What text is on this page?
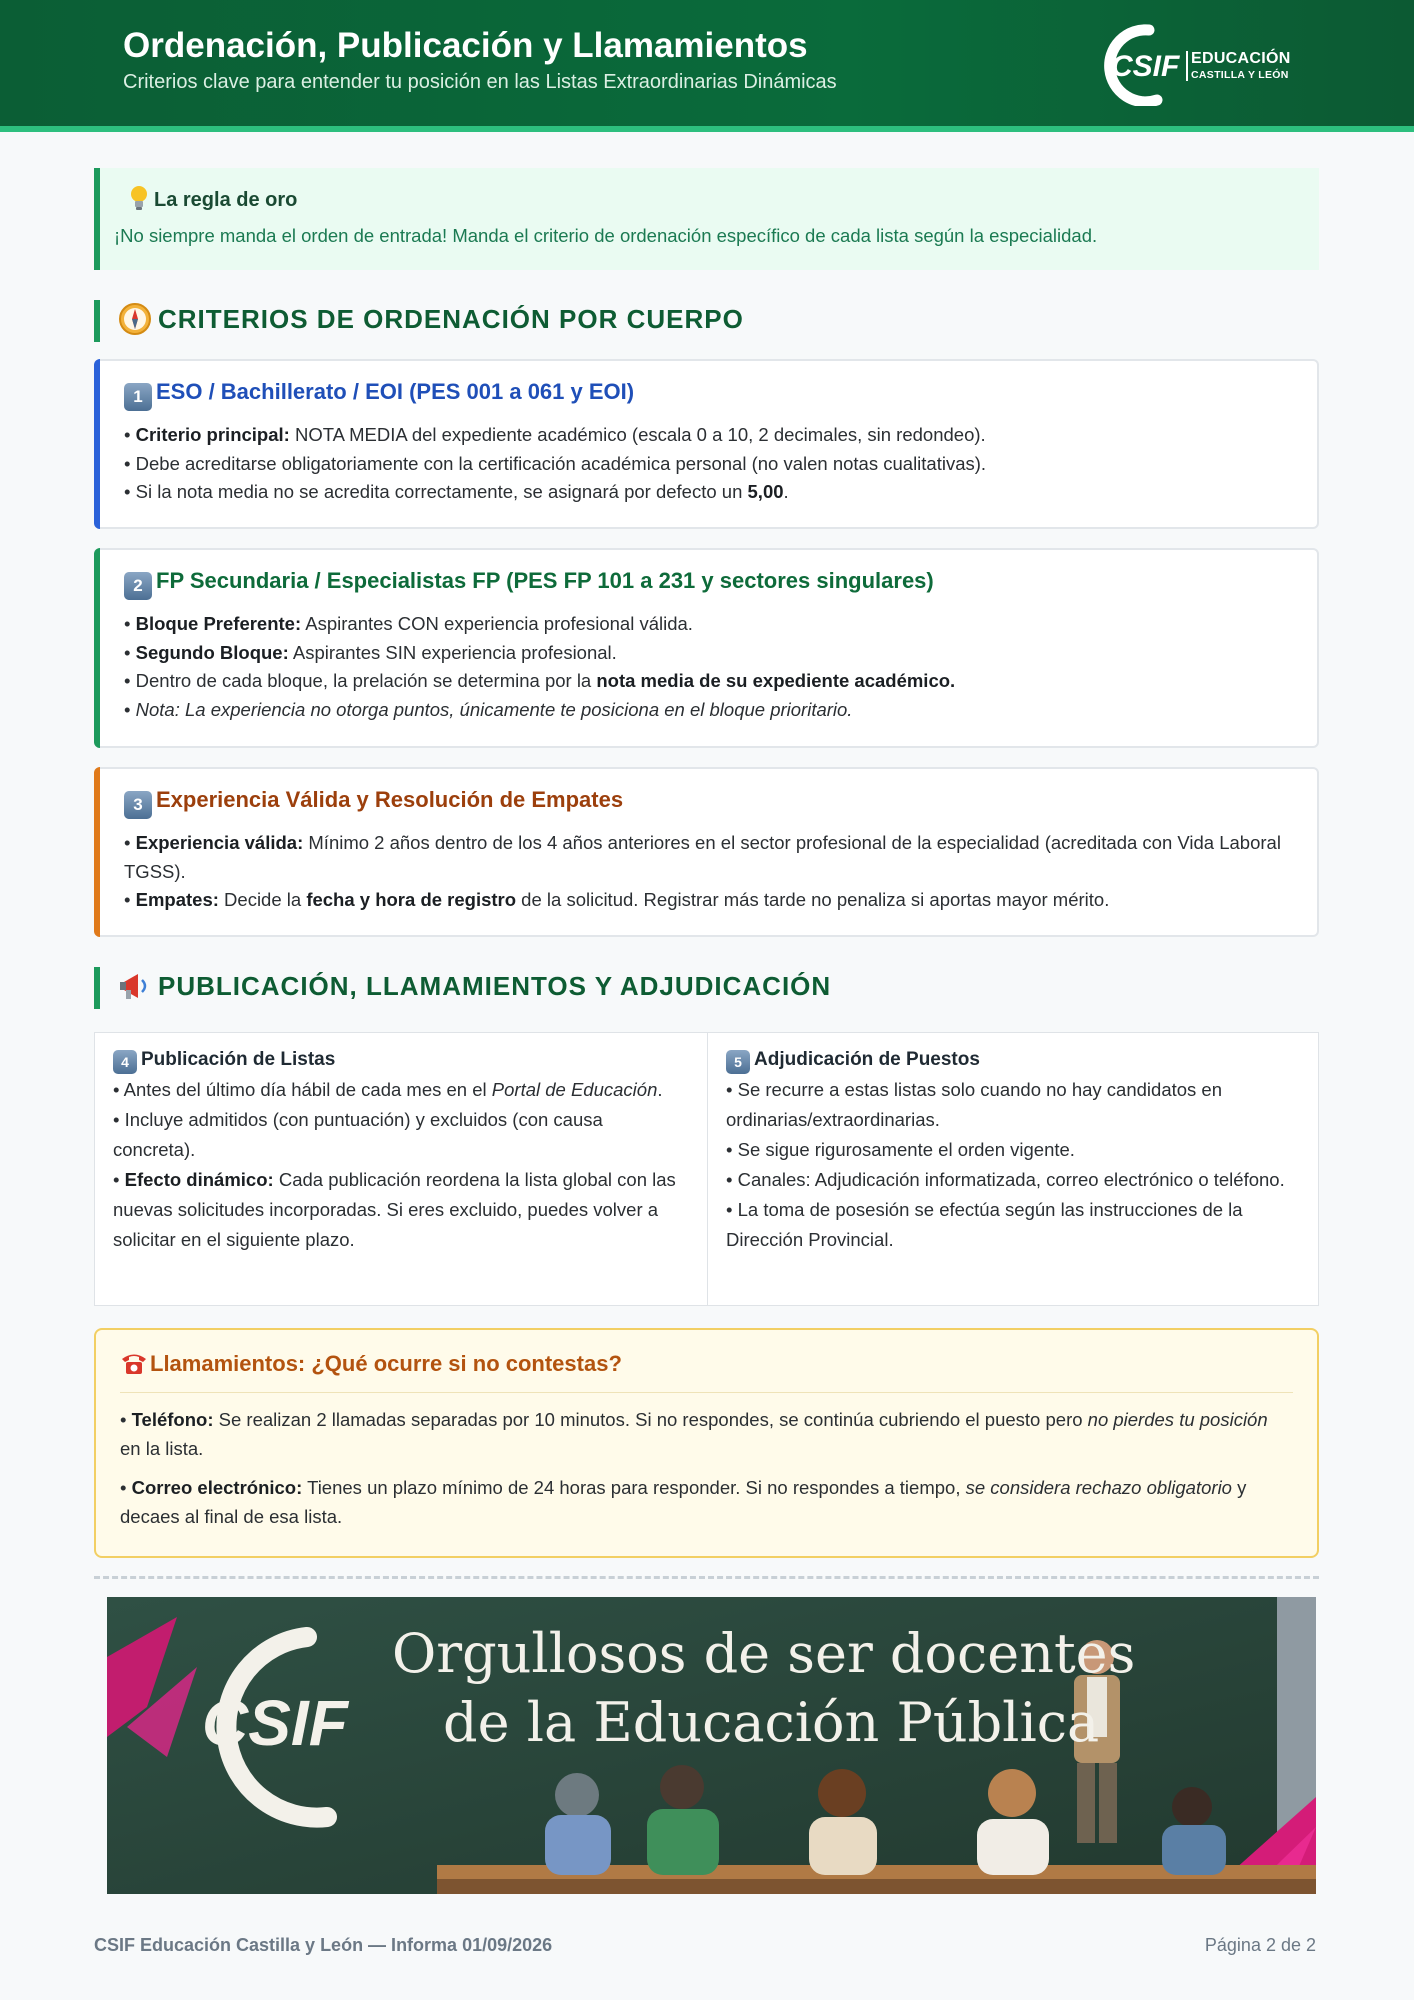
Ordenación, Publicación y Llamamientos
Criterios clave para entender tu posición en las Listas Extraordinarias Dinámicas	CSIF EDUCACIÓN
CASTILLA Y LEÓN
La regla de oro
¡No siempre manda el orden de entrada! Manda el criterio de ordenación específico de cada lista según la especialidad.
CRITERIOS DE ORDENACIÓN POR CUERPO
1 ESO / Bachillerato / EOI (PES 001 a 061 y EOI)

• Criterio principal: NOTA MEDIA del expediente académico (escala 0 a 10, 2 decimales, sin redondeo).

• Debe acreditarse obligatoriamente con la certificación académica personal (no valen notas cualitativas).

• Si la nota media no se acredita correctamente, se asignará por defecto un 5,00.

2 FP Secundaria / Especialistas FP (PES FP 101 a 231 y sectores singulares)

• Bloque Preferente: Aspirantes CON experiencia profesional válida.

• Segundo Bloque: Aspirantes SIN experiencia profesional.

• Dentro de cada bloque, la prelación se determina por la nota media de su expediente académico.

• Nota: La experiencia no otorga puntos, únicamente te posiciona en el bloque prioritario.

3 Experiencia Válida y Resolución de Empates

• Experiencia válida: Mínimo 2 años dentro de los 4 años anteriores en el sector profesional de la especialidad (acreditada con Vida Laboral TGSS).

• Empates: Decide la fecha y hora de registro de la solicitud. Registrar más tarde no penaliza si aportas mayor mérito.

PUBLICACIÓN, LLAMAMIENTOS Y ADJUDICACIÓN
4 Publicación de Listas
• Antes del último día hábil de cada mes en el Portal de Educación.
• Incluye admitidos (con puntuación) y excluidos (con causa concreta).
• Efecto dinámico: Cada publicación reordena la lista global con las nuevas solicitudes incorporadas. Si eres excluido, puedes volver a solicitar en el siguiente plazo.
5 Adjudicación de Puestos
• Se recurre a estas listas solo cuando no hay candidatos en ordinarias/extraordinarias.
• Se sigue rigurosamente el orden vigente.
• Canales: Adjudicación informatizada, correo electrónico o teléfono.
• La toma de posesión se efectúa según las instrucciones de la Dirección Provincial.
Llamamientos: ¿Qué ocurre si no contestas?

• Teléfono: Se realizan 2 llamadas separadas por 10 minutos. Si no respondes, se continúa cubriendo el puesto pero no pierdes tu posición en la lista.

• Correo electrónico: Tienes un plazo mínimo de 24 horas para responder. Si no respondes a tiempo, se considera rechazo obligatorio y decaes al final de esa lista.

CSIF
Orgullosos de ser docentes
de la Educación Pública
CSIF Educación Castilla y León — Informa 01/09/2026	Página 2 de 2
